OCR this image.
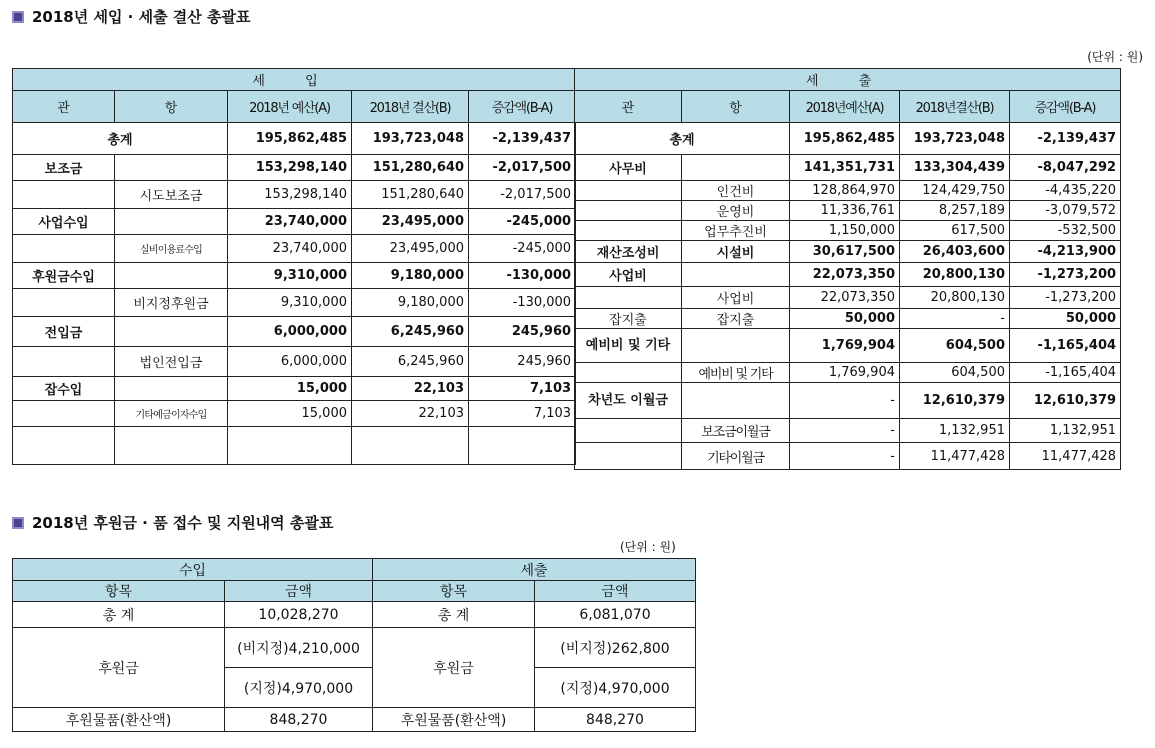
2018년 세입 · 세출 결산 총괄표
(단위 : 원)
세 입				
관	항	2018년 예산(A)	2018년 결산(B)	증감액(B-A)
총계		195,862,485	193,723,048	-2,139,437
보조금		153,298,140	151,280,640	-2,017,500
	시도보조금	153,298,140	151,280,640	-2,017,500
사업수입		23,740,000	23,495,000	-245,000
	실비이용료수입	23,740,000	23,495,000	-245,000
후원금수입		9,310,000	9,180,000	-130,000
	비지정후원금	9,310,000	9,180,000	-130,000
전입금		6,000,000	6,245,960	245,960
	법인전입금	6,000,000	6,245,960	245,960
잡수입		15,000	22,103	7,103
	기타예금이자수입	15,000	22,103	7,103

세 출				
관	항	2018년예산(A)	2018년결산(B)	증감액(B-A)
총계		195,862,485	193,723,048	-2,139,437
사무비		141,351,731	133,304,439	-8,047,292
	인건비	128,864,970	124,429,750	-4,435,220
	운영비	11,336,761	8,257,189	-3,079,572
	업무추진비	1,150,000	617,500	-532,500
재산조성비	시설비	30,617,500	26,403,600	-4,213,900
사업비		22,073,350	20,800,130	-1,273,200
	사업비	22,073,350	20,800,130	-1,273,200
잡지출	잡지출	50,000	-	50,000
예비비 및 기타		1,769,904	604,500	-1,165,404
	예비비 및 기타	1,769,904	604,500	-1,165,404
차년도 이월금		-	12,610,379	12,610,379
	보조금이월금	-	1,132,951	1,132,951
	기타이월금	-	11,477,428	11,477,428
2018년 후원금 · 품 접수 및 지원내역 총괄표
(단위 : 원)
수입		세출	
항목	금액	항목	금액
총 계	10,028,270	총 계	6,081,070
후원금	(비지정)4,210,000	후원금	(비지정)262,800
	(지정)4,970,000		(지정)4,970,000
후원물품(환산액)	848,270	후원물품(환산액)	848,270
